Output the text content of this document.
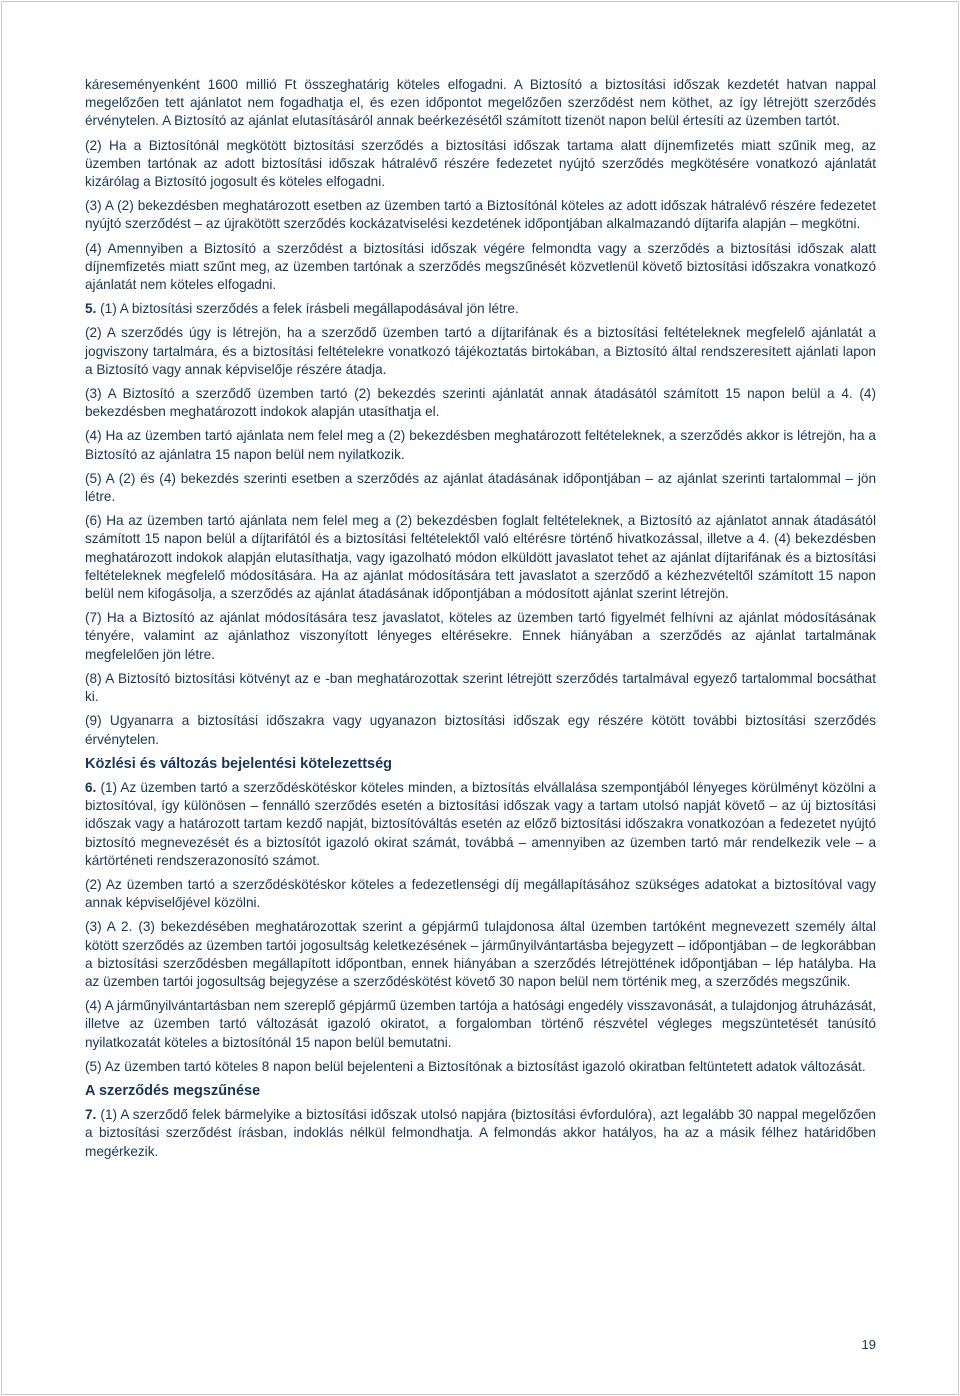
káreseményenként 1600 millió Ft összeghatárig köteles elfogadni. A Biztosító a biztosítási időszak kezdetét hatvan nappal megelőzően tett ajánlatot nem fogadhatja el, és ezen időpontot megelőzően szerződést nem köthet, az így létrejött szerződés érvénytelen. A Biztosító az ajánlat elutasításáról annak beérkezésétől számított tizenöt napon belül értesíti az üzemben tartót.
(2) Ha a Biztosítónál megkötött biztosítási szerződés a biztosítási időszak tartama alatt díjnemfizetés miatt szűnik meg, az üzemben tartónak az adott biztosítási időszak hátralévő részére fedezetet nyújtó szerződés megkötésére vonatkozó ajánlatát kizárólag a Biztosító jogosult és köteles elfogadni.
(3) A (2) bekezdésben meghatározott esetben az üzemben tartó a Biztosítónál köteles az adott időszak hátralévő részére fedezetet nyújtó szerződést – az újrakötött szerződés kockázatviselési kezdetének időpontjában alkalmazandó díjtarifa alapján – megkötni.
(4) Amennyiben a Biztosító a szerződést a biztosítási időszak végére felmondta vagy a szerződés a biztosítási időszak alatt díjnemfizetés miatt szűnt meg, az üzemben tartónak a szerződés megszűnését közvetlenül követő biztosítási időszakra vonatkozó ajánlatát nem köteles elfogadni.
5. (1) A biztosítási szerződés a felek írásbeli megállapodásával jön létre.
(2) A szerződés úgy is létrejön, ha a szerződő üzemben tartó a díjtarifának és a biztosítási feltételeknek megfelelő ajánlatát a jogviszony tartalmára, és a biztosítási feltételekre vonatkozó tájékoztatás birtokában, a Biztosító által rendszeresített ajánlati lapon a Biztosító vagy annak képviselője részére átadja.
(3) A Biztosító a szerződő üzemben tartó (2) bekezdés szerinti ajánlatát annak átadásától számított 15 napon belül a 4. (4) bekezdésben meghatározott indokok alapján utasíthatja el.
(4) Ha az üzemben tartó ajánlata nem felel meg a (2) bekezdésben meghatározott feltételeknek, a szerződés akkor is létrejön, ha a Biztosító az ajánlatra 15 napon belül nem nyilatkozik.
(5) A (2) és (4) bekezdés szerinti esetben a szerződés az ajánlat átadásának időpontjában – az ajánlat szerinti tartalommal – jön létre.
(6) Ha az üzemben tartó ajánlata nem felel meg a (2) bekezdésben foglalt feltételeknek, a Biztosító az ajánlatot annak átadásától számított 15 napon belül a díjtarifától és a biztosítási feltételektől való eltérésre történő hivatkozással, illetve a 4. (4) bekezdésben meghatározott indokok alapján elutasíthatja, vagy igazolható módon elküldött javaslatot tehet az ajánlat díjtarifának és a biztosítási feltételeknek megfelelő módosítására. Ha az ajánlat módosítására tett javaslatot a szerződő a kézhezvételtől számított 15 napon belül nem kifogásolja, a szerződés az ajánlat átadásának időpontjában a módosított ajánlat szerint létrejön.
(7) Ha a Biztosító az ajánlat módosítására tesz javaslatot, köteles az üzemben tartó figyelmét felhívni az ajánlat módosításának tényére, valamint az ajánlathoz viszonyított lényeges eltérésekre. Ennek hiányában a szerződés az ajánlat tartalmának megfelelően jön létre.
(8) A Biztosító biztosítási kötvényt az e -ban meghatározottak szerint létrejött szerződés tartalmával egyező tartalommal bocsáthat ki.
(9) Ugyanarra a biztosítási időszakra vagy ugyanazon biztosítási időszak egy részére kötött további biztosítási szerződés érvénytelen.
Közlési és változás bejelentési kötelezettség
6. (1) Az üzemben tartó a szerződéskötéskor köteles minden, a biztosítás elvállalása szempontjából lényeges körülményt közölni a biztosítóval, így különösen – fennálló szerződés esetén a biztosítási időszak vagy a tartam utolsó napját követő – az új biztosítási időszak vagy a határozott tartam kezdő napját, biztosítóváltás esetén az előző biztosítási időszakra vonatkozóan a fedezetet nyújtó biztosító megnevezését és a biztosítót igazoló okirat számát, továbbá – amennyiben az üzemben tartó már rendelkezik vele – a kártörténeti rendszerazonosító számot.
(2) Az üzemben tartó a szerződéskötéskor köteles a fedezetlenségi díj megállapításához szükséges adatokat a biztosítóval vagy annak képviselőjével közölni.
(3) A 2. (3) bekezdésében meghatározottak szerint a gépjármű tulajdonosa által üzemben tartóként megnevezett személy által kötött szerződés az üzemben tartói jogosultság keletkezésének – járműnyilvántartásba bejegyzett – időpontjában – de legkorábban a biztosítási szerződésben megállapított időpontban, ennek hiányában a szerződés létrejöttének időpontjában – lép hatályba. Ha az üzemben tartói jogosultság bejegyzése a szerződéskötést követő 30 napon belül nem történik meg, a szerződés megszűnik.
(4) A járműnyilvántartásban nem szereplő gépjármű üzemben tartója a hatósági engedély visszavonását, a tulajdonjog átruházását, illetve az üzemben tartó változását igazoló okiratot, a forgalomban történő részvétel végleges megszüntetését tanúsító nyilatkozatát köteles a biztosítónál 15 napon belül bemutatni.
(5) Az üzemben tartó köteles 8 napon belül bejelenteni a Biztosítónak a biztosítást igazoló okiratban feltüntetett adatok változását.
A szerződés megszűnése
7. (1) A szerződő felek bármelyike a biztosítási időszak utolsó napjára (biztosítási évfordulóra), azt legalább 30 nappal megelőzően a biztosítási szerződést írásban, indoklás nélkül felmondhatja. A felmondás akkor hatályos, ha az a másik félhez határidőben megérkezik.
19
